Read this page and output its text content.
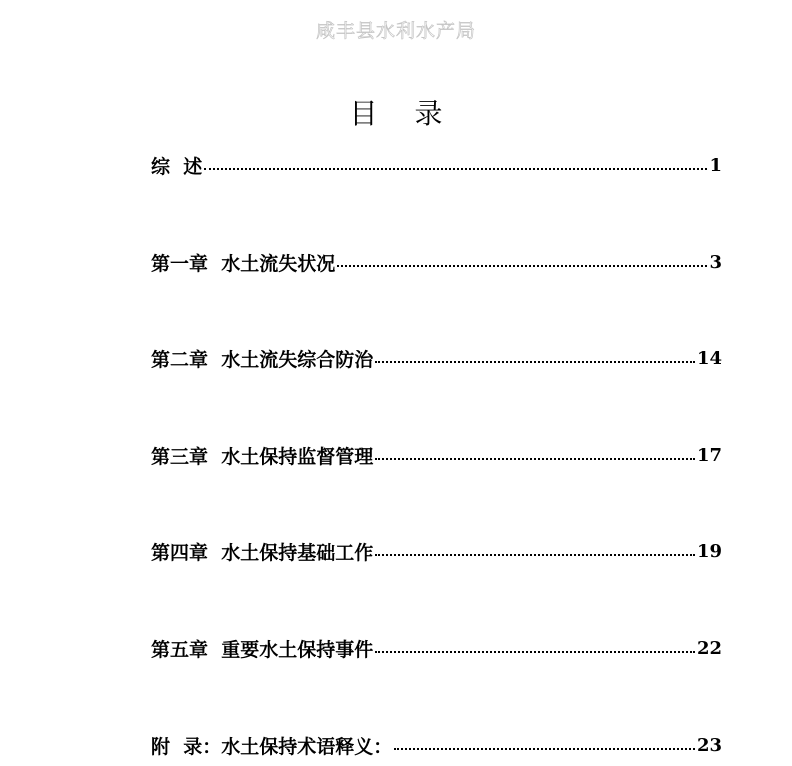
咸丰县水利水产局
目 录
综  述	1
第一章  水土流失状况	3
第二章  水土流失综合防治	14
第三章  水土保持监督管理	17
第四章  水土保持基础工作	19
第五章  重要水土保持事件	22
附  录：水土保持术语释义：	23
